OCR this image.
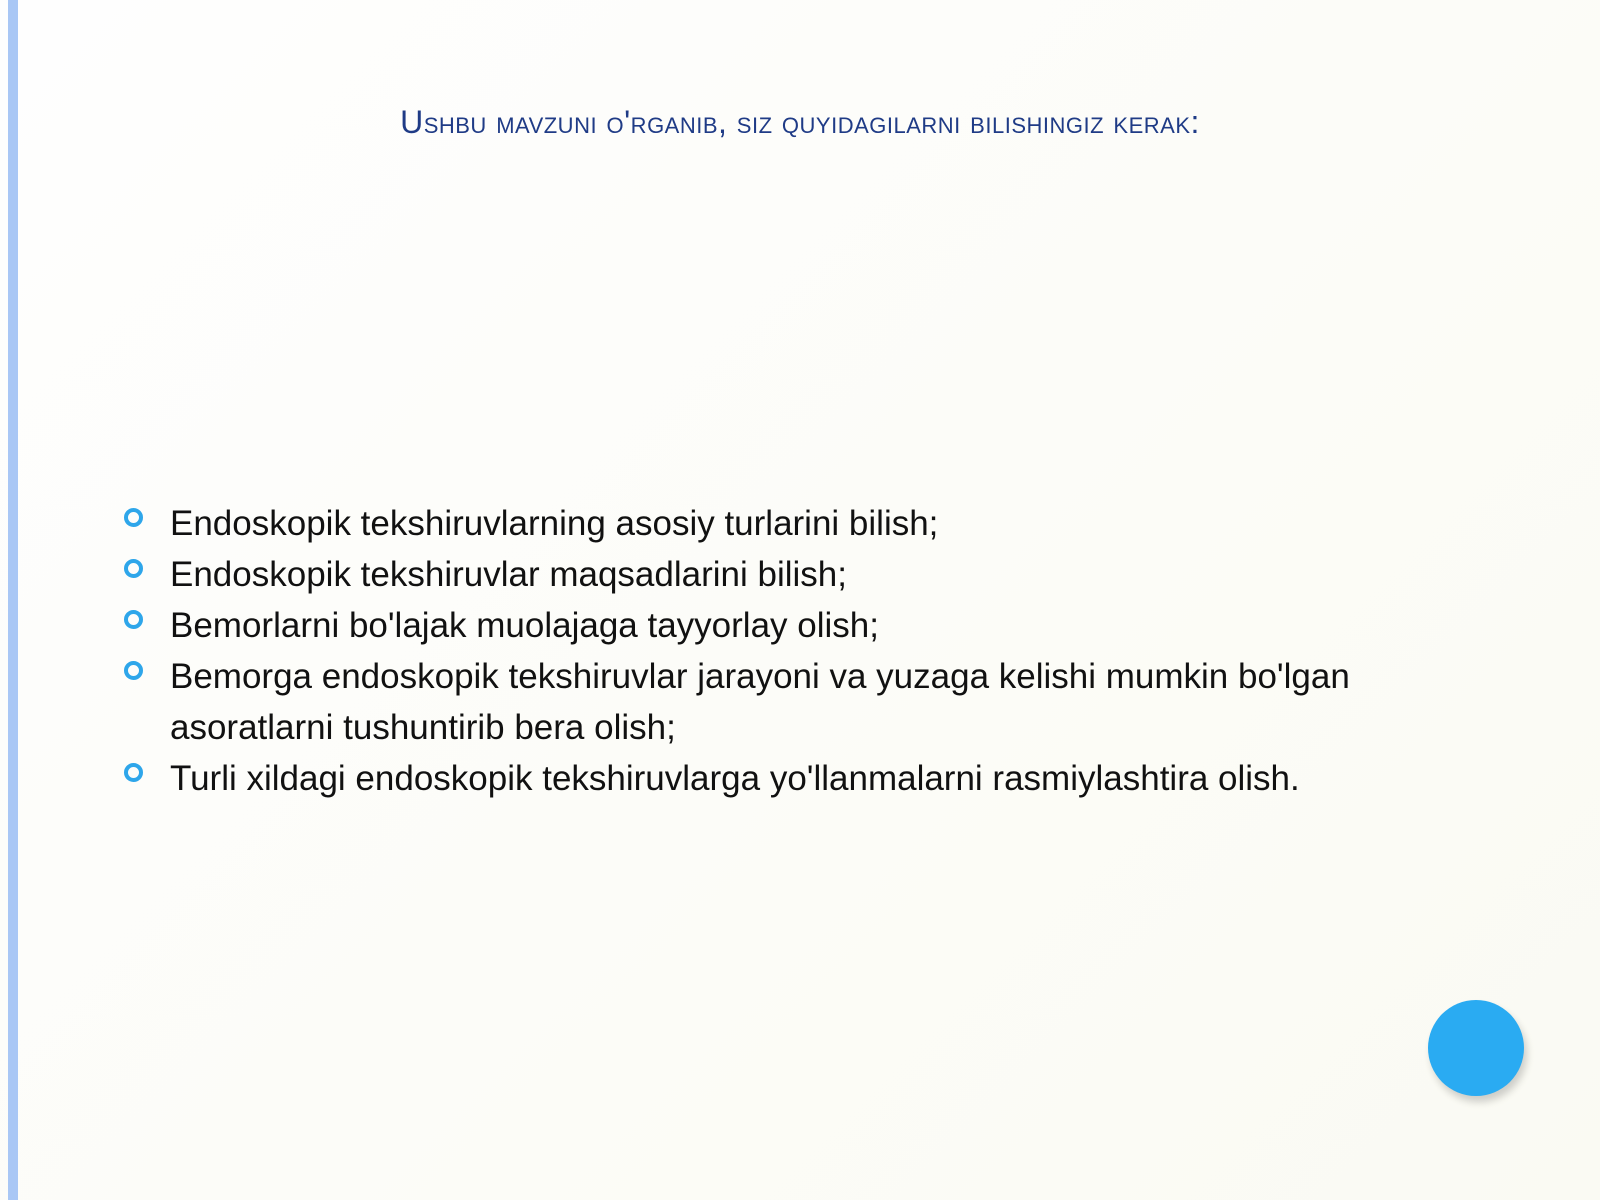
Ushbu mavzuni o'rganib, siz quyidagilarni bilishingiz kerak:
Endoskopik tekshiruvlarning asosiy turlarini bilish;
Endoskopik tekshiruvlar maqsadlarini bilish;
Bemorlarni bo'lajak muolajaga tayyorlay olish;
Bemorga endoskopik tekshiruvlar jarayoni va yuzaga kelishi mumkin bo'lgan asoratlarni tushuntirib bera olish;
Turli xildagi endoskopik tekshiruvlarga yo'llanmalarni rasmiylashtira olish.
